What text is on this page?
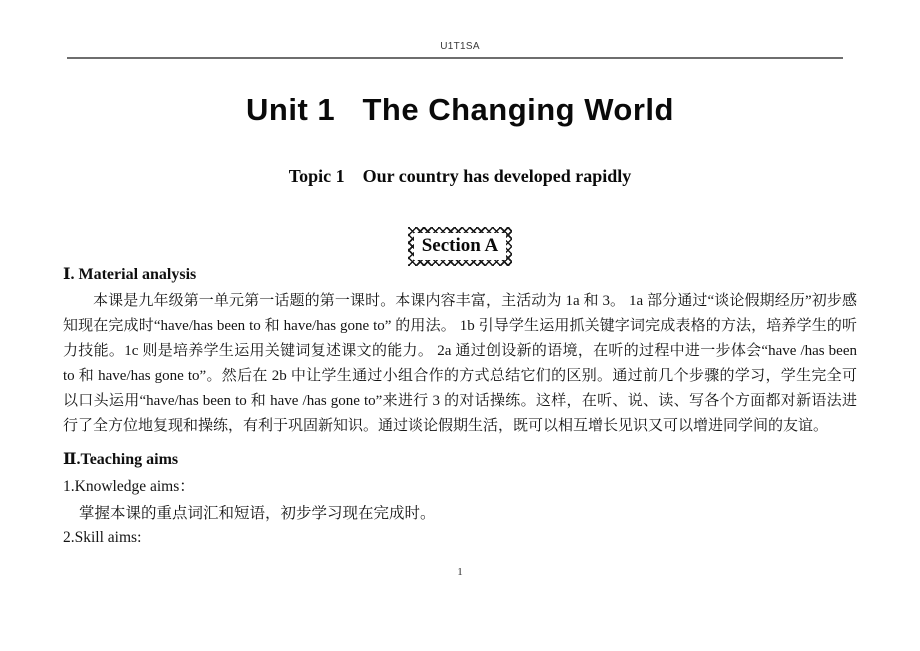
U1T1SA
Unit 1   The Changing World
Topic 1    Our country has developed rapidly
Section A
Ⅰ. Material analysis
本课是九年级第一单元第一话题的第一课时。本课内容丰富，主活动为 1a 和 3。 1a 部分通过“谈论假期经历”初步感知现在完成时“have/has been to 和 have/has gone to” 的用法。 1b 引导学生运用抓关键字词完成表格的方法，培养学生的听力技能。1c 则是培养学生运用关键词复述课文的能力。 2a 通过创设新的语境，在听的过程中进一步体会“have /has been to 和 have/has gone to”。然后在 2b 中让学生通过小组合作的方式总结它们的区别。通过前几个步骤的学习，学生完全可以口头运用“have/has been to 和 have /has gone to”来进行 3 的对话操练。这样，在听、说、读、写各个方面都对新语法进行了全方位地复现和操练，有利于巩固新知识。通过谈论假期生活，既可以相互增长见识又可以增进同学间的友谊。
Ⅱ.Teaching aims
1.Knowledge aims：
掌握本课的重点词汇和短语，初步学习现在完成时。
2.Skill aims:
1
